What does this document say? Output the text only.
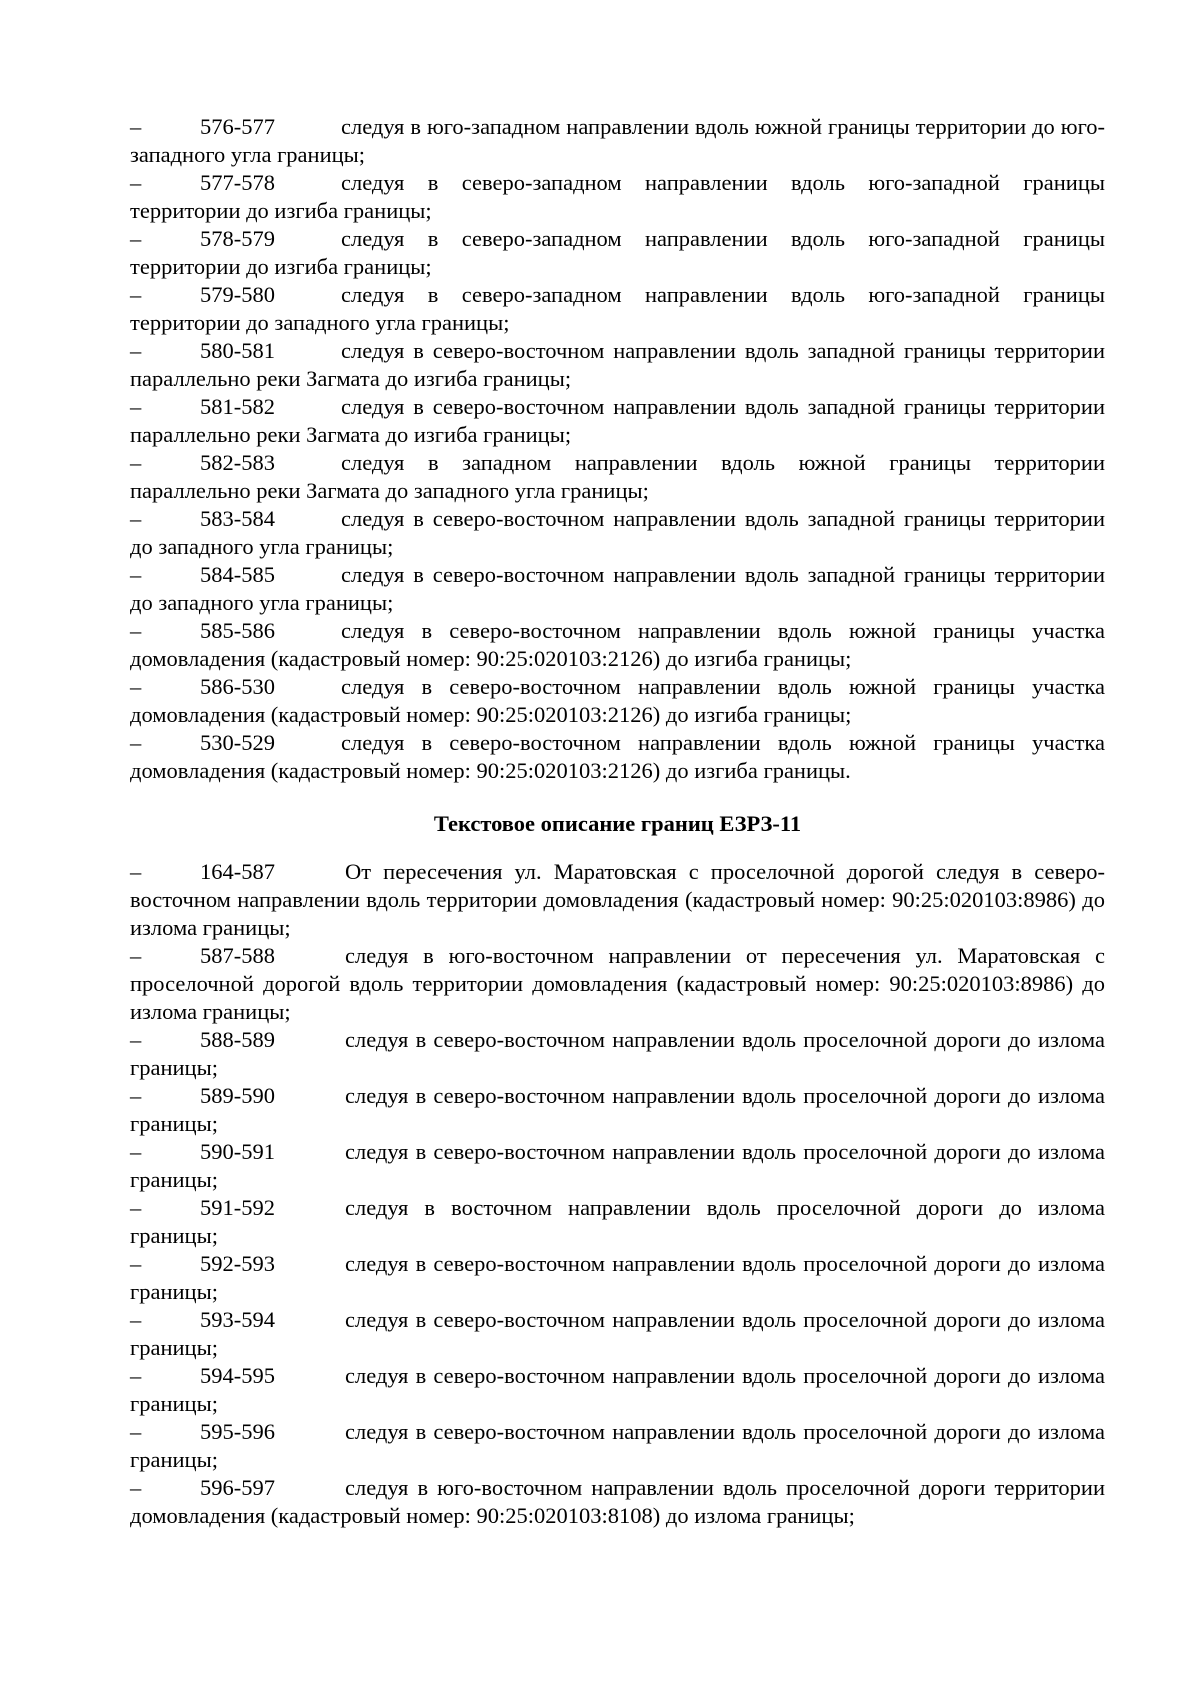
–	576-577	следуя в юго-западном направлении вдоль южной границы территории до юго-западного угла границы;

–	577-578	следуя в северо-западном направлении вдоль юго-западной границы территории до изгиба границы;

–	578-579	следуя в северо-западном направлении вдоль юго-западной границы территории до изгиба границы;

–	579-580	следуя в северо-западном направлении вдоль юго-западной границы территории до западного угла границы;

–	580-581	следуя в северо-восточном направлении вдоль западной границы территории параллельно реки Загмата до изгиба границы;

–	581-582	следуя в северо-восточном направлении вдоль западной границы территории параллельно реки Загмата до изгиба границы;

–	582-583	следуя в западном направлении вдоль южной границы территории параллельно реки Загмата до западного угла границы;

–	583-584	следуя в северо-восточном направлении вдоль западной границы территории до западного угла границы;

–	584-585	следуя в северо-восточном направлении вдоль западной границы территории до западного угла границы;

–	585-586	следуя в северо-восточном направлении вдоль южной границы участка домовладения (кадастровый номер: 90:25:020103:2126) до изгиба границы;

–	586-530	следуя в северо-восточном направлении вдоль южной границы участка домовладения (кадастровый номер: 90:25:020103:2126) до изгиба границы;

–	530-529	следуя в северо-восточном направлении вдоль южной границы участка домовладения (кадастровый номер: 90:25:020103:2126) до изгиба границы.

Текстовое описание границ ЕЗРЗ-11

–	164-587	От пересечения ул. Маратовская с проселочной дорогой следуя в северо-восточном направлении вдоль территории домовладения (кадастровый номер: 90:25:020103:8986) до излома границы;

–	587-588	следуя в юго-восточном направлении от пересечения ул. Маратовская с проселочной дорогой вдоль территории домовладения (кадастровый номер: 90:25:020103:8986) до излома границы;

–	588-589	следуя в северо-восточном направлении вдоль проселочной дороги до излома границы;

–	589-590	следуя в северо-восточном направлении вдоль проселочной дороги до излома границы;

–	590-591	следуя в северо-восточном направлении вдоль проселочной дороги до излома границы;

–	591-592	следуя в восточном направлении вдоль проселочной дороги до излома границы;

–	592-593	следуя в северо-восточном направлении вдоль проселочной дороги до излома границы;

–	593-594	следуя в северо-восточном направлении вдоль проселочной дороги до излома границы;

–	594-595	следуя в северо-восточном направлении вдоль проселочной дороги до излома границы;

–	595-596	следуя в северо-восточном направлении вдоль проселочной дороги до излома границы;

–	596-597	следуя в юго-восточном направлении вдоль проселочной дороги территории домовладения (кадастровый номер: 90:25:020103:8108) до излома границы;
